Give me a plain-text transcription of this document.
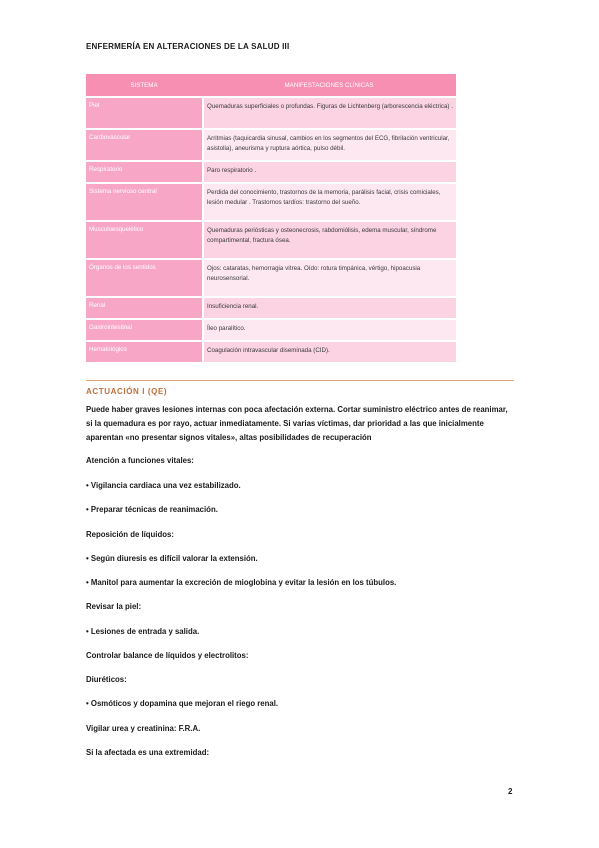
ENFERMERÍA EN ALTERACIONES DE LA SALUD III
SISTEMA	MANIFESTACIONES CLÍNICAS
Piel	Quemaduras superficiales o profundas. Figuras de Lichtenberg (arborescencia eléctrica) .
Cardiovascular	Arritmias (taquicardia sinusal, cambios en los segmentos del ECG, fibrilación ventricular, asistolia), aneurisma y ruptura aórtica, pulso débil.
Respiratorio	Paro respiratorio .
Sistema nervioso central	Perdida del conocimiento, trastornos de la memoria, parálisis facial, crisis comiciales, lesión medular . Trastornos tardíos: trastorno del sueño.
Musculoesquelético	Quemaduras periósticas y osteonecrosis, rabdomiólisis, edema muscular, síndrome compartimental, fractura ósea.
Órganos de los sentidos	Ojos: cataratas, hemorragia vítrea. Oído: rotura timpánica, vértigo, hipoacusia neurosensorial.
Renal	Insuficiencia renal.
Gastrointestinal	Íleo paralítico.
Hematológico	Coagulación intravascular diseminada (CID).
ACTUACIÓN I (QE)
Puede haber graves lesiones internas con poca afectación externa. Cortar suministro eléctrico antes de reanimar, si la quemadura es por rayo, actuar inmediatamente. Si varias víctimas, dar prioridad a las que inicialmente aparentan «no presentar signos vitales», altas posibilidades de recuperación
Atención a funciones vitales:
• Vigilancia cardiaca una vez estabilizado.
• Preparar técnicas de reanimación.
Reposición de líquidos:
• Según diuresis es difícil valorar la extensión.
• Manitol para aumentar la excreción de mioglobina y evitar la lesión en los túbulos.
Revisar la piel:
• Lesiones de entrada y salida.
Controlar balance de líquidos y electrolitos:
Diuréticos:
• Osmóticos y dopamina que mejoran el riego renal.
Vigilar urea y creatinina: F.R.A.
Si la afectada es una extremidad:
2
